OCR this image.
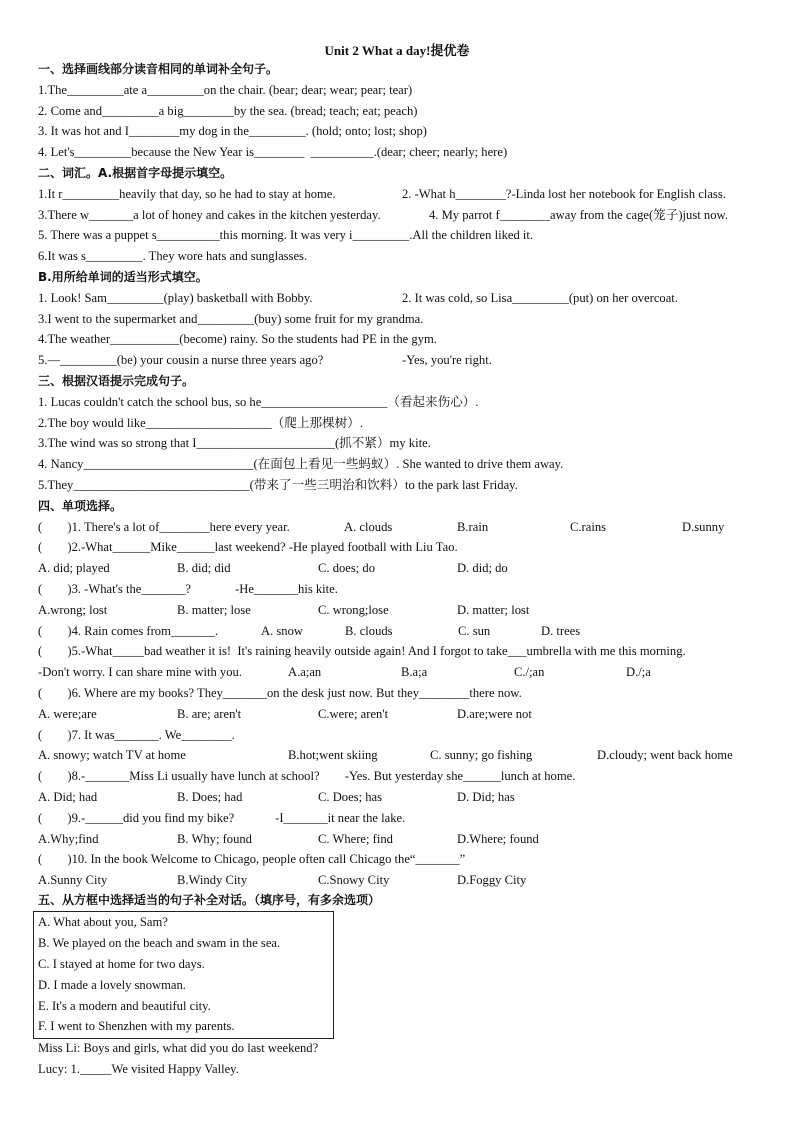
Unit 2 What a day!提优卷
一、选择画线部分读音相同的单词补全句子。
1.The_________ate a_________on the chair. (bear; dear; wear; pear; tear)
2. Come and_________a big________by the sea. (bread; teach; eat; peach)
3. It was hot and I________my dog in the_________. (hold; onto; lost; shop)
4. Let's_________because the New Year is________  __________.(dear; cheer; nearly; here)
二、词汇。A.根据首字母提示填空。
1.It r_________heavily that day, so he had to stay at home.	2. -What h________?-Linda lost her notebook for English class.
3.There w_______a lot of honey and cakes in the kitchen yesterday.	4. My parrot f________away from the cage(笼子)just now.
5. There was a puppet s__________this morning. It was very i_________.All the children liked it.
6.It was s_________. They wore hats and sunglasses.
B.用所给单词的适当形式填空。
1. Look! Sam_________(play) basketball with Bobby.	2. It was cold, so Lisa_________(put) on her overcoat.
3.I went to the supermarket and_________(buy) some fruit for my grandma.
4.The weather___________(become) rainy. So the students had PE in the gym.
5.—_________(be) your cousin a nurse three years ago?	-Yes, you're right.
三、根据汉语提示完成句子。
1. Lucas couldn't catch the school bus, so he____________________（看起来伤心）.
2.The boy would like____________________（爬上那棵树）.
3.The wind was so strong that I______________________(抓不紧）my kite.
4. Nancy___________________________(在面包上看见一些蚂蚁）. She wanted to drive them away.
5.They____________________________(带来了一些三明治和饮料）to the park last Friday.
四、单项选择。
(        )1. There's a lot of________here every year.	A. clouds	B.rain	C.rains	D.sunny
(        )2.-What______Mike______last weekend? -He played football with Liu Tao.
A. did; played	B. did; did	C. does; do	D. did; do
(        )3. -What's the_______?              -He_______his kite.
A.wrong; lost	B. matter; lose	C. wrong;lose	D. matter; lost
(        )4. Rain comes from_______.	A. snow	B. clouds	C. sun	D. trees
(        )5.-What_____bad weather it is!  It's raining heavily outside again! And I forgot to take___umbrella with me this morning.
-Don't worry. I can share mine with you.	A.a;an	B.a;a	C./;an	D./;a
(        )6. Where are my books? They_______on the desk just now. But they________there now.
A. were;are	B. are; aren't	C.were; aren't	D.are;were not
(        )7. It was_______. We________.
A. snowy; watch TV at home	B.hot;went skiing	C. sunny; go fishing	D.cloudy; went back home
(        )8.-_______Miss Li usually have lunch at school?        -Yes. But yesterday she______lunch at home.
A. Did; had	B. Does; had	C. Does; has	D. Did; has
(        )9.-______did you find my bike?             -I_______it near the lake.
A.Why;find	B. Why; found	C. Where; find	D.Where; found
(        )10. In the book Welcome to Chicago, people often call Chicago the“_______”
A.Sunny City	B.Windy City	C.Snowy City	D.Foggy City
五、从方框中选择适当的句子补全对话。（填序号，有多余选项）
A. What about you, Sam?
B. We played on the beach and swam in the sea.
C. I stayed at home for two days.
D. I made a lovely snowman.
E. It's a modern and beautiful city.
F. I went to Shenzhen with my parents.
Miss Li: Boys and girls, what did you do last weekend?
Lucy: 1._____We visited Happy Valley.
